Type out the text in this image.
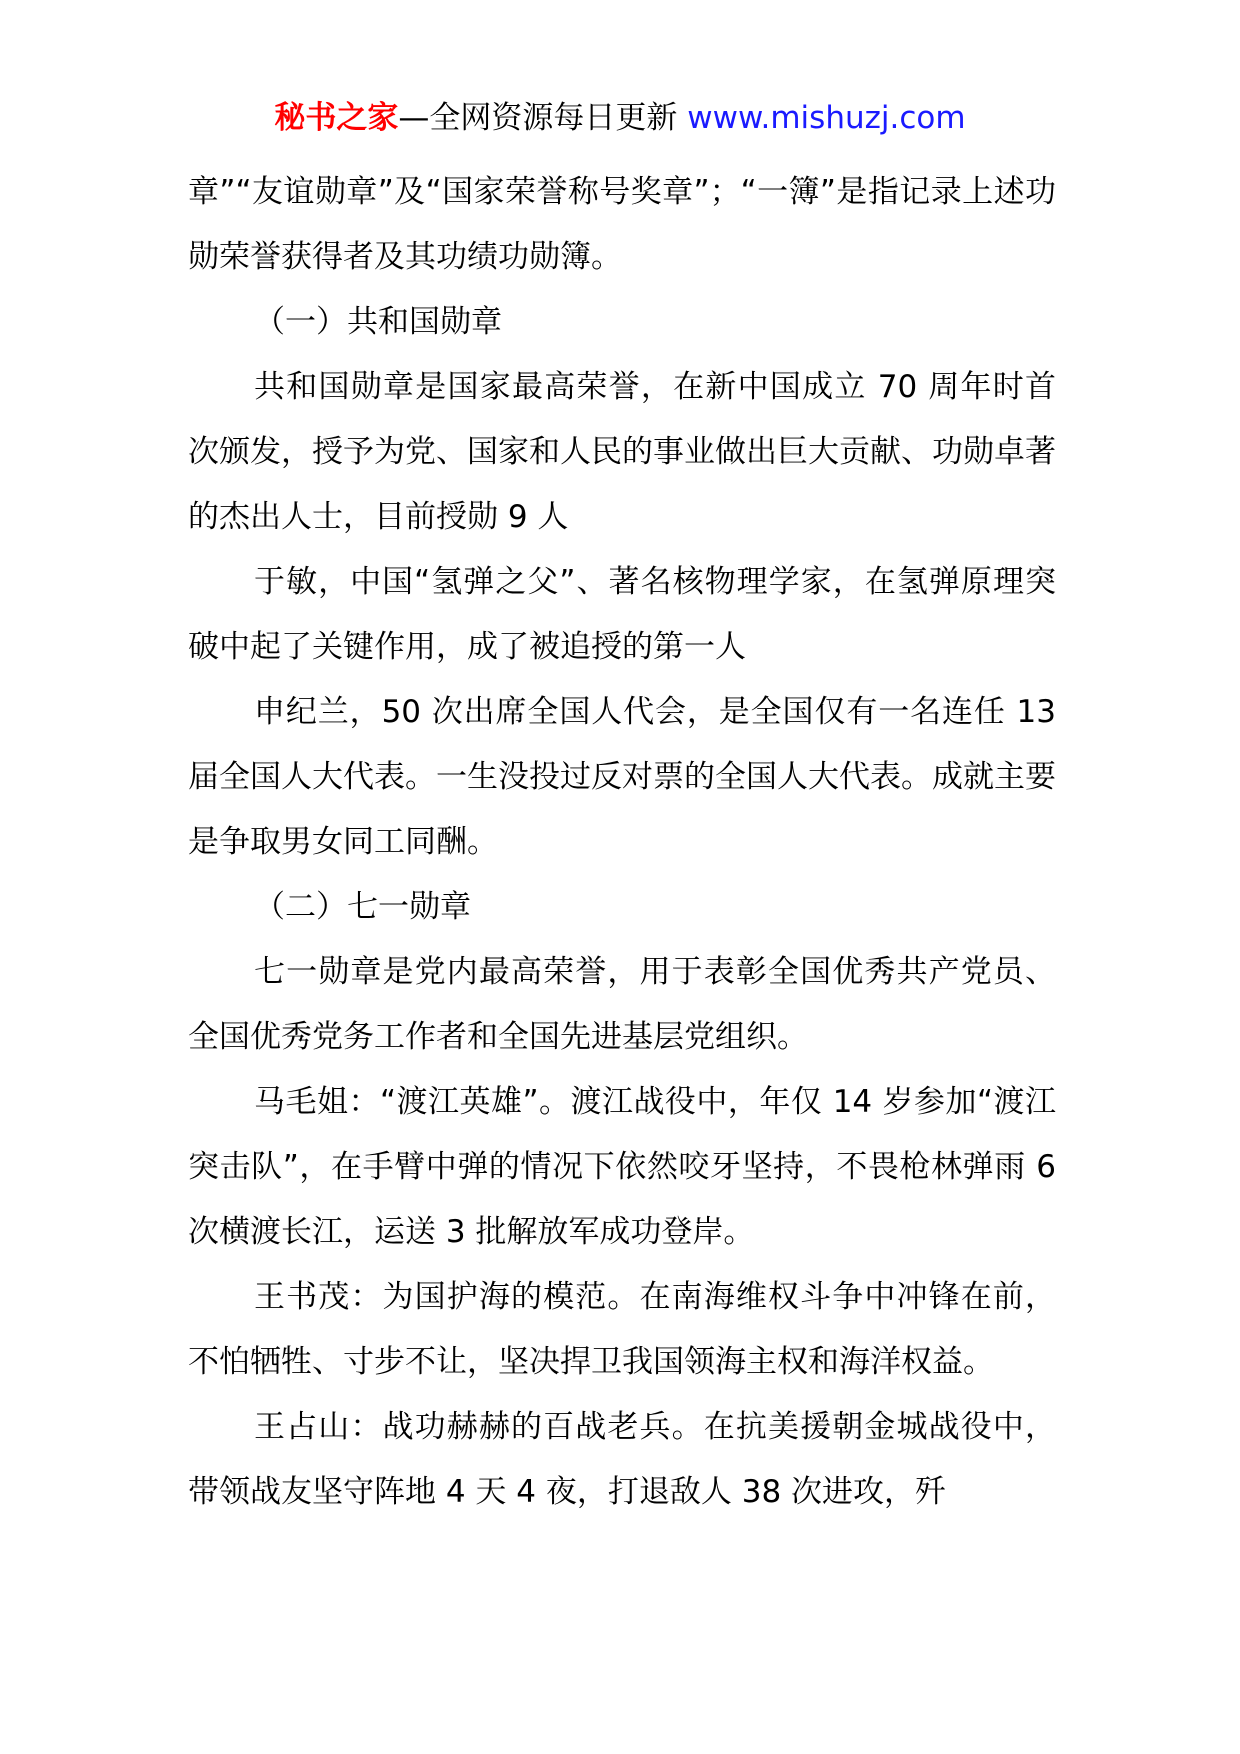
秘书之家—全网资源每日更新 www.mishuzj.com

章”“友谊勋章”及“国家荣誉称号奖章”；“一簿”是指记录上述功勋荣誉获得者及其功绩功勋簿。

（一）共和国勋章

共和国勋章是国家最高荣誉，在新中国成立 70 周年时首次颁发，授予为党、国家和人民的事业做出巨大贡献、功勋卓著的杰出人士，目前授勋 9 人

于敏，中国“氢弹之父”、著名核物理学家，在氢弹原理突破中起了关键作用，成了被追授的第一人

申纪兰，50 次出席全国人代会，是全国仅有一名连任 13 届全国人大代表。一生没投过反对票的全国人大代表。成就主要是争取男女同工同酬。

（二）七一勋章

七一勋章是党内最高荣誉，用于表彰全国优秀共产党员、全国优秀党务工作者和全国先进基层党组织。

马毛姐：“渡江英雄”。渡江战役中，年仅 14 岁参加“渡江突击队”，在手臂中弹的情况下依然咬牙坚持，不畏枪林弹雨 6 次横渡长江，运送 3 批解放军成功登岸。

王书茂：为国护海的模范。在南海维权斗争中冲锋在前，不怕牺牲、寸步不让，坚决捍卫我国领海主权和海洋权益。

王占山：战功赫赫的百战老兵。在抗美援朝金城战役中，带领战友坚守阵地 4 天 4 夜，打退敌人 38 次进攻，歼
